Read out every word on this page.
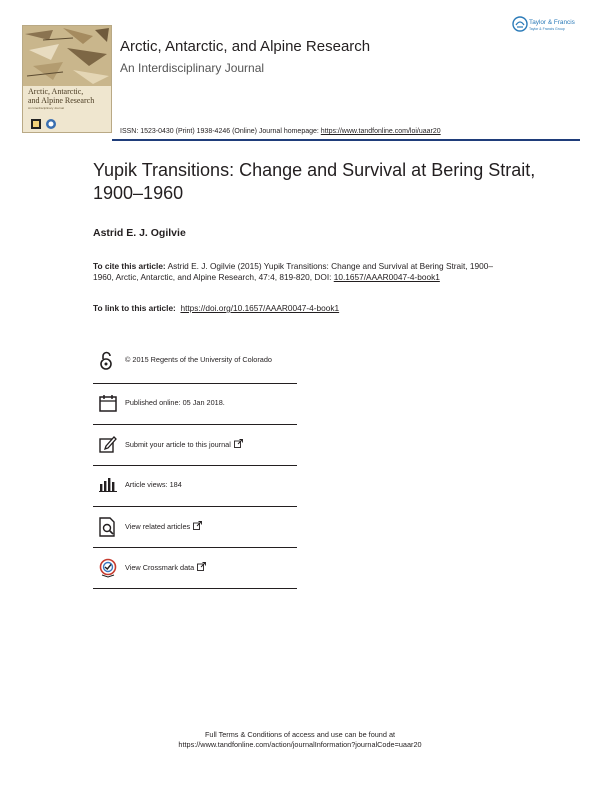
Arctic, Antarctic,
and Alpine Research
An Interdisciplinary Journal
Arctic, Antarctic, and Alpine Research
An Interdisciplinary Journal
Taylor & Francis
Taylor & Francis Group
ISSN: 1523-0430 (Print) 1938-4246 (Online) Journal homepage: https://www.tandfonline.com/loi/uaar20
Yupik Transitions: Change and Survival at Bering Strait, 1900–1960
Astrid E. J. Ogilvie
To cite this article: Astrid E. J. Ogilvie (2015) Yupik Transitions: Change and Survival at Bering Strait, 1900–1960, Arctic, Antarctic, and Alpine Research, 47:4, 819-820, DOI: 10.1657/AAAR0047-4-book1
To link to this article: https://doi.org/10.1657/AAAR0047-4-book1
© 2015 Regents of the University of Colorado
Published online: 05 Jan 2018.
Submit your article to this journal
Article views: 184
View related articles
View Crossmark data
Full Terms & Conditions of access and use can be found at
https://www.tandfonline.com/action/journalInformation?journalCode=uaar20
